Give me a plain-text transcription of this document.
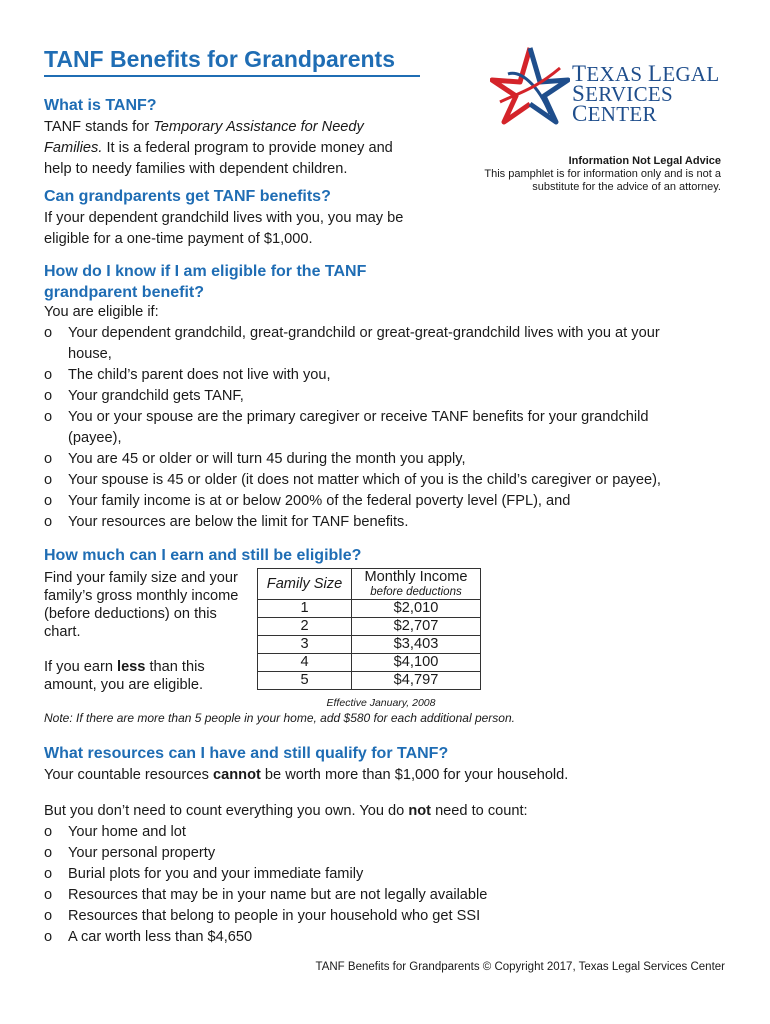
TANF Benefits for Grandparents
TEXAS LEGAL
SERVICES CENTER
Information Not Legal Advice
This pamphlet is for information only and is not a substitute for the advice of an attorney.
What is TANF?

TANF stands for Temporary Assistance for Needy Families. It is a federal program to provide money and help to needy families with dependent children.

Can grandparents get TANF benefits?

If your dependent grandchild lives with you, you may be eligible for a one-time payment of $1,000.

How do I know if I am eligible for the TANF
grandparent benefit?

You are eligible if:

o Your dependent grandchild, great-grandchild or great-great-grandchild lives with you at your house,
o The child’s parent does not live with you,
o Your grandchild gets TANF,
o You or your spouse are the primary caregiver or receive TANF benefits for your grandchild (payee),
o You are 45 or older or will turn 45 during the month you apply,
o Your spouse is 45 or older (it does not matter which of you is the child’s caregiver or payee),
o Your family income is at or below 200% of the federal poverty level (FPL), and
o Your resources are below the limit for TANF benefits.
How much can I earn and still be eligible?

Find your family size and your family’s gross monthly income (before deductions) on this chart.

If you earn less than this amount, you are eligible.

Family Size	Monthly Income
before deductions

1	$2,010
2	$2,707
3	$3,403
4	$4,100
5	$4,797
Effective January, 2008
Note: If there are more than 5 people in your home, add $580 for each additional person.
What resources can I have and still qualify for TANF?

Your countable resources cannot be worth more than $1,000 for your household.

But you don’t need to count everything you own. You do not need to count:

o Your home and lot
o Your personal property
o Burial plots for you and your immediate family
o Resources that may be in your name but are not legally available
o Resources that belong to people in your household who get SSI
o A car worth less than $4,650
TANF Benefits for Grandparents © Copyright 2017, Texas Legal Services Center
